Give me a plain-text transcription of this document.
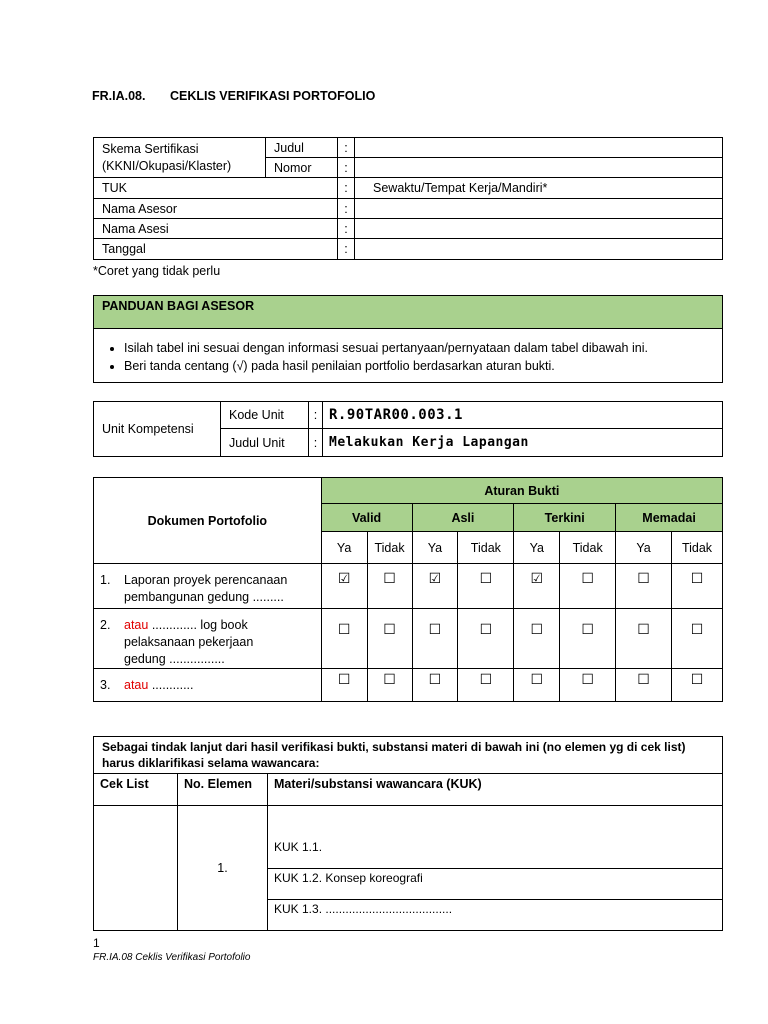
FR.IA.08. CEKLIS VERIFIKASI PORTOFOLIO
Skema Sertifikasi
(KKNI/Okupasi/Klaster)	Judul	:	
	Nomor	:	
TUK		:	Sewaktu/Tempat Kerja/Mandiri*
Nama Asesor		:	
Nama Asesi		:	
Tanggal		:	
*Coret yang tidak perlu
PANDUAN BAGI ASESOR

• Isilah tabel ini sesuai dengan informasi sesuai pertanyaan/pernyataan dalam tabel dibawah ini.
• Beri tanda centang (√) pada hasil penilaian portfolio berdasarkan aturan bukti.
Unit Kompetensi	Kode Unit	:	R.90TAR00.003.1
	Judul Unit	:	Melakukan Kerja Lapangan
Dokumen Portofolio	Aturan Bukti							
	Valid		Asli		Terkini		Memadai	
	Ya	Tidak	Ya	Tidak	Ya	Tidak	Ya	Tidak

1. Laporan proyek perencanaan pembangunan gedung .........	☑	☐	☑	☐	☑	☐	☐	☐

2. atau ............. log book pelaksanaan pekerjaan gedung ................	☐	☐	☐	☐	☐	☐	☐	☐

3. atau ............	☐	☐	☐	☐	☐	☐	☐	☐
Sebagai tindak lanjut dari hasil verifikasi bukti, substansi materi di bawah ini (no elemen yg di cek list) harus diklarifikasi selama wawancara:		
Cek List	No. Elemen	Materi/substansi wawancara (KUK)
	1.	KUK 1.1.
		KUK 1.2. Konsep koreografi
		KUK 1.3. ......................................
1
FR.IA.08 Ceklis Verifikasi Portofolio
